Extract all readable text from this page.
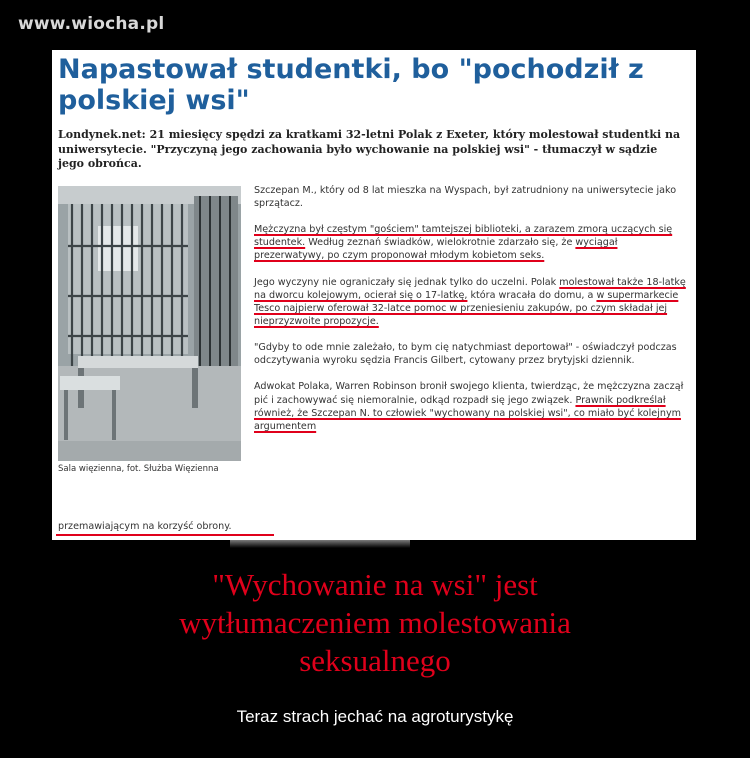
www.wiocha.pl
Napastował studentki, bo "pochodził z polskiej wsi"

Londynek.net: 21 miesięcy spędzi za kratkami 32-letni Polak z Exeter, który molestował studentki na uniwersytecie. "Przyczyną jego zachowania było wychowanie na polskiej wsi" - tłumaczył w sądzie jego obrońca.

Sala więzienna, fot. Służba Więzienna

Szczepan M., który od 8 lat mieszka na Wyspach, był zatrudniony na uniwersytecie jako sprzątacz.

Mężczyzna był częstym "gościem" tamtejszej biblioteki, a zarazem zmorą uczących się studentek. Według zeznań świadków, wielokrotnie zdarzało się, że wyciągał prezerwatywy, po czym proponował młodym kobietom seks.

Jego wyczyny nie ograniczały się jednak tylko do uczelni. Polak molestował także 18-latkę na dworcu kolejowym, ocierał się o 17-latkę, która wracała do domu, a w supermarkecie Tesco najpierw oferował 32-latce pomoc w przeniesieniu zakupów, po czym składał jej nieprzyzwoite propozycje.

"Gdyby to ode mnie zależało, to bym cię natychmiast deportował" - oświadczył podczas odczytywania wyroku sędzia Francis Gilbert, cytowany przez brytyjski dziennik.

Adwokat Polaka, Warren Robinson bronił swojego klienta, twierdząc, że mężczyzna zaczął pić i zachowywać się niemoralnie, odkąd rozpadł się jego związek. Prawnik podkreślał również, że Szczepan N. to człowiek "wychowany na polskiej wsi", co miało być kolejnym argumentem

przemawiającym na korzyść obrony.
"Wychowanie na wsi" jest
wytłumaczeniem molestowania
seksualnego
Teraz strach jechać na agroturystykę
